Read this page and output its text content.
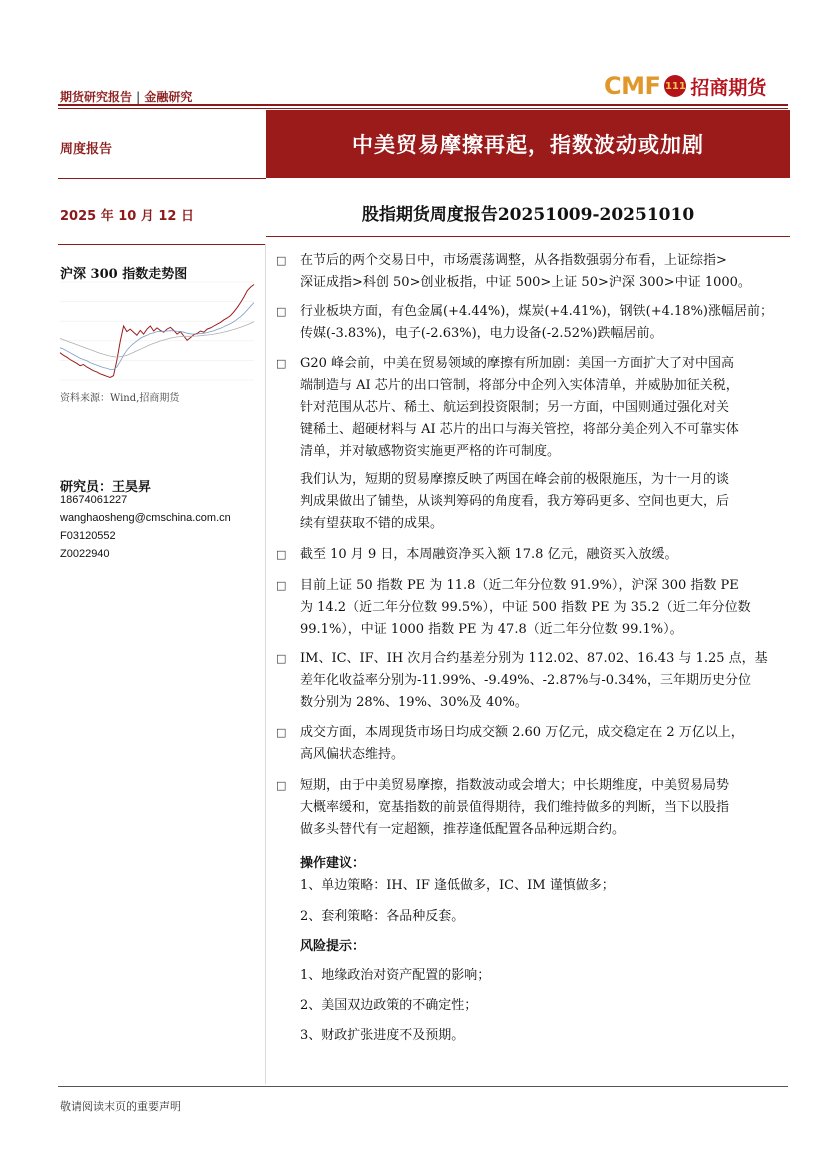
期货研究报告 | 金融研究	CMF 111 招商期货
周度报告	中美贸易摩擦再起，指数波动或加剧
2025 年 10 月 12 日	股指期货周度报告20251009-20251010
沪深 300 指数走势图
资料来源：Wind,招商期货
研究员：王昊昇
18674061227
wanghaosheng@cmschina.com.cn
F03120552
Z0022940
□ 在节后的两个交易日中，市场震荡调整，从各指数强弱分布看，上证综指>
深证成指>科创 50>创业板指，中证 500>上证 50>沪深 300>中证 1000。
□ 行业板块方面，有色金属(+4.44%)，煤炭(+4.41%)，钢铁(+4.18%)涨幅居前；
传媒(-3.83%)，电子(-2.63%)，电力设备(-2.52%)跌幅居前。
□ G20 峰会前，中美在贸易领域的摩擦有所加剧：美国一方面扩大了对中国高
端制造与 AI 芯片的出口管制，将部分中企列入实体清单，并威胁加征关税，
针对范围从芯片、稀土、航运到投资限制；另一方面，中国则通过强化对关
键稀土、超硬材料与 AI 芯片的出口与海关管控，将部分美企列入不可靠实体
清单，并对敏感物资实施更严格的许可制度。
我们认为，短期的贸易摩擦反映了两国在峰会前的极限施压，为十一月的谈
判成果做出了铺垫，从谈判筹码的角度看，我方筹码更多、空间也更大，后
续有望获取不错的成果。
□ 截至 10 月 9 日，本周融资净买入额 17.8 亿元，融资买入放缓。
□ 目前上证 50 指数 PE 为 11.8（近二年分位数 91.9%），沪深 300 指数 PE
为 14.2（近二年分位数 99.5%），中证 500 指数 PE 为 35.2（近二年分位数
99.1%），中证 1000 指数 PE 为 47.8（近二年分位数 99.1%）。
□ IM、IC、IF、IH 次月合约基差分别为 112.02、87.02、16.43 与 1.25 点，基
差年化收益率分别为-11.99%、-9.49%、-2.87%与-0.34%，三年期历史分位
数分别为 28%、19%、30%及 40%。
□ 成交方面，本周现货市场日均成交额 2.60 万亿元，成交稳定在 2 万亿以上，
高风偏状态维持。
□ 短期，由于中美贸易摩擦，指数波动或会增大；中长期维度，中美贸易局势
大概率缓和，宽基指数的前景值得期待，我们维持做多的判断，当下以股指
做多头替代有一定超额，推荐逢低配置各品种远期合约。
操作建议：
1、单边策略：IH、IF 逢低做多，IC、IM 谨慎做多；
2、套利策略：各品种反套。
风险提示：
1、地缘政治对资产配置的影响；
2、美国双边政策的不确定性；
3、财政扩张进度不及预期。
敬请阅读末页的重要声明
